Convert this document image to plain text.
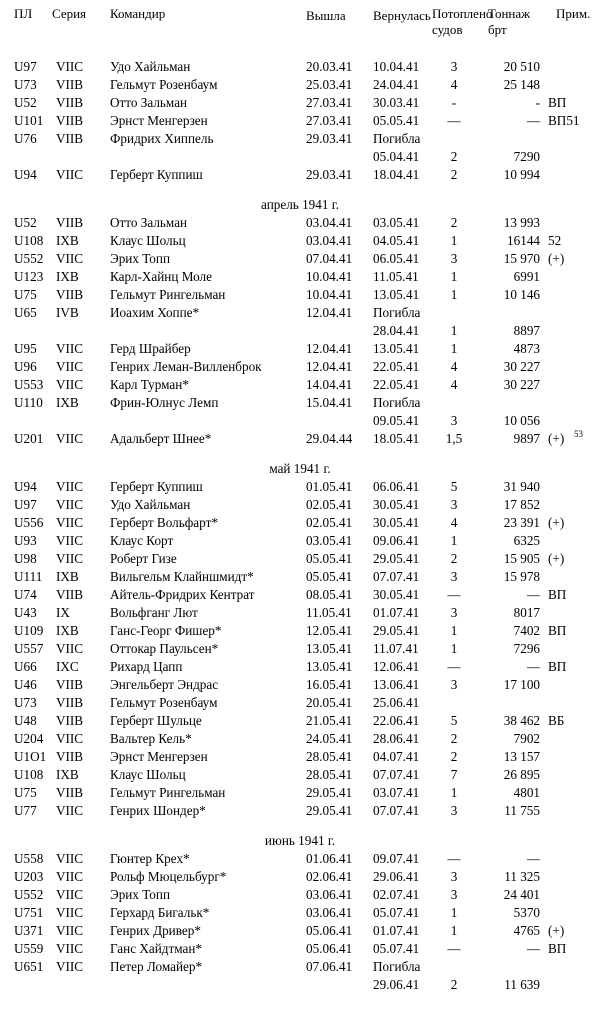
ПЛ Серия Командир	Вышла Вернулась Потоплено судов
Тоннаж брт
Прим.
U97	VIIC	Удо Хайльман	20.03.41	10.04.41	3	20 510
U73	VIIB	Гельмут Розенбаум	25.03.41	24.04.41	4	25 148
U52	VIIB	Отто Зальман	27.03.41	30.03.41	-	- ВП
U101 VIIB	Эрнст Менгерзен	27.03.41	05.05.41	—	— ВП51
U76	VIIB	Фридрих Хиппель	29.03.41	Погибла
05.04.41	2	7290
U94	VIIC	Герберт Куппиш	29.03.41	18.04.41	2	10 994
апрель 1941 г.
U52	VIIB	Отто Зальман	03.04.41	03.05.41	2	13 993
U108 IXB	Клаус Шольц	03.04.41	04.05.41	1	16144 52
U552 VIIC	Эрих Топп	07.04.41	06.05.41	3	15 970 (+)
U123 IXB	Карл-Хайнц Моле	10.04.41	11.05.41	1	6991
U75	VIIB	Гельмут Рингельман	10.04.41	13.05.41	1	10 146
U65	IVB	Иоахим Хоппе*	12.04.41	Погибла
28.04.41	1	8897
U95	VIIC	Герд Шрайбер	12.04.41	13.05.41	1	4873
U96	VIIC	Генрих Леман-Вилленброк	12.04.41	22.05.41	4	30 227
U553 VIIC	Карл Турман*	14.04.41	22.05.41	4	30 227
U110 IXB	Фрин-Юлнус Лемп	15.04.41	Погибла
09.05.41	3	10 056
U201 VIIC	Адальберт Шнее*	29.04.44	18.05.41	1,5	9897 (+)	53
май 1941 г.
U94	VIIC	Герберт Куппиш	01.05.41	06.06.41	5	31 940
U97	VIIC	Удо Хайльман	02.05.41	30.05.41	3	17 852
U556 VIIC	Герберт Вольфарт*	02.05.41	30.05.41	4	23 391 (+)
U93	VIIC	Клаус Корт	03.05.41	09.06.41	1	6325
U98	VIIC	Роберт Гизе	05.05.41	29.05.41	2	15 905 (+)
U111	IXB	Вильгельм Клайншмидт*	05.05.41	07.07.41	3	15 978
U74	VIIB	Айтель-Фридрих Кентрат	08.05.41	30.05.41	—	— ВП
U43	IX	Вольфганг Лют	11.05.41	01.07.41	3	8017
U109 IXB	Ганс-Георг Фишер*	12.05.41	29.05.41	1	7402 ВП
U557 VIIC	Оттокар Паульсен*	13.05.41	11.07.41	1	7296
U66	IXC	Рихард Цапп	13.05.41	12.06.41	—	— ВП
U46	VIIB	Энгельберт Эндрас	16.05.41	13.06.41	3	17 100
U73	VIIB	Гельмут Розенбаум	20.05.41	25.06.41
U48	VIIB	Герберт Шульце	21.05.41	22.06.41	5	38 462 ВБ
U204 VIIC	Вальтер Кель*	24.05.41	28.06.41	2	7902
U1O1 VIIB	Эрнст Менгерзен	28.05.41	04.07.41	2	13 157
U108 IXB	Клаус Шольц	28.05.41	07.07.41	7	26 895
U75	VIIB	Гельмут Рингельман	29.05.41	03.07.41	1	4801
U77	VIIC	Генрих Шондер*	29.05.41	07.07.41	3	11 755
июнь 1941 г.
U558 VIIC	Гюнтер Крех*	01.06.41	09.07.41	—	—
U203 VIIC	Рольф Мюцельбург*	02.06.41	29.06.41	3	11 325
U552 VIIC	Эрих Топп	03.06.41	02.07.41	3	24 401
U751 VIIC	Герхард Бигальк*	03.06.41	05.07.41	1	5370
U371 VIIC	Генрих Дривер*	05.06.41	01.07.41	1	4765 (+)
U559 VIIC	Ганс Хайдтман*	05.06.41	05.07.41	—	— ВП
U651 VIIC	Петер Ломайер*	07.06.41	Погибла
29.06.41	2	11 639
